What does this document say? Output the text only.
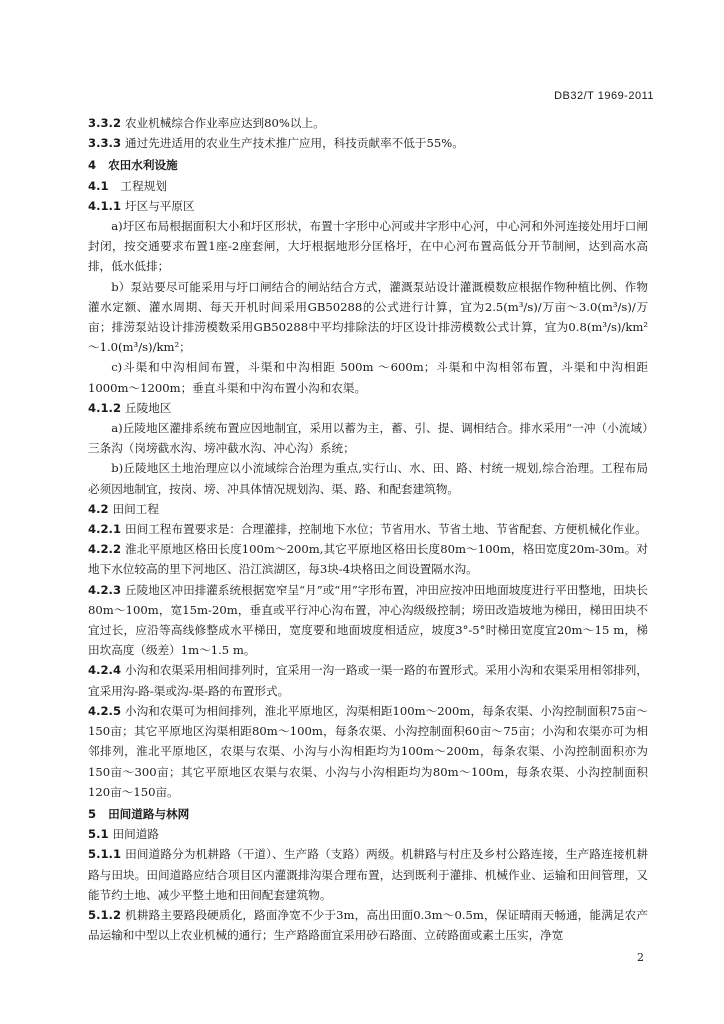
DB32/T 1969-2011

3.3.2 农业机械综合作业率应达到80%以上。

3.3.3 通过先进适用的农业生产技术推广应用，科技贡献率不低于55%。

4 农田水利设施

4.1 工程规划

4.1.1 圩区与平原区

a)圩区布局根据面积大小和圩区形状，布置十字形中心河或井字形中心河，中心河和外河连接处用圩口闸封闭，按交通要求布置1座-2座套闸，大圩根据地形分匡格圩，在中心河布置高低分开节制闸，达到高水高排，低水低排；

b）泵站要尽可能采用与圩口闸结合的闸站结合方式，灌溉泵站设计灌溉模数应根据作物种植比例、作物灌水定额、灌水周期、每天开机时间采用GB50288的公式进行计算，宜为2.5(m³/s)/万亩～3.0(m³/s)/万亩；排涝泵站设计排涝模数采用GB50288中平均排除法的圩区设计排涝模数公式计算，宜为0.8(m³/s)/km²～1.0(m³/s)/km²；

c)斗渠和中沟相间布置，斗渠和中沟相距 500m ～600m；斗渠和中沟相邻布置，斗渠和中沟相距1000m～1200m；垂直斗渠和中沟布置小沟和农渠。

4.1.2 丘陵地区

a)丘陵地区灌排系统布置应因地制宜，采用以蓄为主，蓄、引、提、调相结合。排水采用“一冲（小流域）三条沟（岗塝截水沟、塝冲截水沟、冲心沟）系统；

b)丘陵地区土地治理应以小流域综合治理为重点,实行山、水、田、路、村统一规划,综合治理。工程布局必须因地制宜，按岗、塝、冲具体情况规划沟、渠、路、和配套建筑物。

4.2 田间工程

4.2.1 田间工程布置要求是：合理灌排，控制地下水位；节省用水、节省土地、节省配套、方便机械化作业。

4.2.2 淮北平原地区格田长度100m～200m,其它平原地区格田长度80m～100m，格田宽度20m-30m。对地下水位较高的里下河地区、沿江滨湖区，每3块-4块格田之间设置隔水沟。

4.2.3 丘陵地区冲田排灌系统根据宽窄呈“月”或“用”字形布置，冲田应按冲田地面坡度进行平田整地，田块长80m～100m，宽15m-20m，垂直或平行冲心沟布置，冲心沟级级控制；塝田改造坡地为梯田，梯田田块不宜过长，应沿等高线修整成水平梯田，宽度要和地面坡度相适应，坡度3°-5°时梯田宽度宜20m～15 m，梯田坎高度（级差）1m～1.5 m。

4.2.4 小沟和农渠采用相间排列时，宜采用一沟一路或一渠一路的布置形式。采用小沟和农渠采用相邻排列，宜采用沟-路-渠或沟-渠-路的布置形式。

4.2.5 小沟和农渠可为相间排列，淮北平原地区，沟渠相距100m～200m，每条农渠、小沟控制面积75亩～150亩；其它平原地区沟渠相距80m～100m，每条农渠、小沟控制面积60亩～75亩；小沟和农渠亦可为相邻排列，淮北平原地区，农渠与农渠、小沟与小沟相距均为100m～200m，每条农渠、小沟控制面积亦为150亩～300亩；其它平原地区农渠与农渠、小沟与小沟相距均为80m～100m，每条农渠、小沟控制面积120亩～150亩。

5 田间道路与林网

5.1 田间道路

5.1.1 田间道路分为机耕路（干道）、生产路（支路）两级。机耕路与村庄及乡村公路连接，生产路连接机耕路与田块。田间道路应结合项目区内灌溉排沟渠合理布置，达到既利于灌排、机械作业、运输和田间管理，又能节约土地、减少平整土地和田间配套建筑物。

5.1.2 机耕路主要路段硬质化，路面净宽不少于3m，高出田面0.3m～0.5m，保证晴雨天畅通，能满足农产品运输和中型以上农业机械的通行；生产路路面宜采用砂石路面、立砖路面或素土压实，净宽

2
